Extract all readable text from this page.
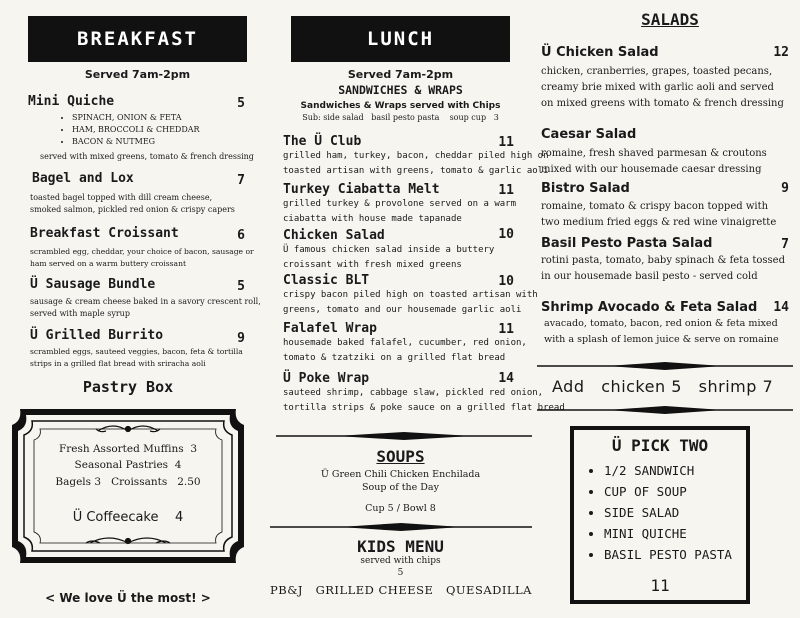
BREAKFAST
Served 7am-2pm
Mini Quiche	5
• SPINACH, ONION & FETA
• HAM, BROCCOLI & CHEDDAR
• BACON & NUTMEG
served with mixed greens, tomato & french dressing
Bagel and Lox	7
toasted bagel topped with dill cream cheese,
smoked salmon, pickled red onion & crispy capers
Breakfast Croissant	6
scrambled egg, cheddar, your choice of bacon, sausage or
ham served on a warm buttery croissant
Ü Sausage Bundle	5
sausage & cream cheese baked in a savory crescent roll,
served with maple syrup
Ü Grilled Burrito	9
scrambled eggs, sauteed veggies, bacon, feta & tortilla
strips in a grilled flat bread with sriracha aoli
Pastry Box
Fresh Assorted Muffins 3
Seasonal Pastries 4
Bagels 3 Croissants 2.50
Ü Coffeecake 4
< We love Ü the most! >
LUNCH
Served 7am-2pm
SANDWICHES & WRAPS
Sandwiches & Wraps served with Chips
Sub: side salad   basil pesto pasta    soup cup   3
The Ü Club	11
grilled ham, turkey, bacon, cheddar piled high on
toasted artisan with greens, tomato & garlic aoli
Turkey Ciabatta Melt	11
grilled turkey & provolone served on a warm
ciabatta with house made tapanade
Chicken Salad	10
Ü famous chicken salad inside a buttery
croissant with fresh mixed greens
Classic BLT	10
crispy bacon piled high on toasted artisan with
greens, tomato and our housemade garlic aoli
Falafel Wrap	11
housemade baked falafel, cucumber, red onion,
tomato & tzatziki on a grilled flat bread
Ü Poke Wrap	14
sauteed shrimp, cabbage slaw, pickled red onion,
tortilla strips & poke sauce on a grilled flat bread
SOUPS
Ü Green Chili Chicken Enchilada
Soup of the Day
Cup 5 / Bowl 8
KIDS MENU
served with chips
5
PB&J GRILLED CHEESE QUESADILLA
SALADS
Ü Chicken Salad	12
chicken, cranberries, grapes, toasted pecans,
creamy brie mixed with garlic aoli and served
on mixed greens with tomato & french dressing
Caesar Salad
romaine, fresh shaved parmesan & croutons
mixed with our housemade caesar dressing
Bistro Salad	9
romaine, tomato & crispy bacon topped with
two medium fried eggs & red wine vinaigrette
Basil Pesto Pasta Salad	7
rotini pasta, tomato, baby spinach & feta tossed
in our housemade basil pesto - served cold
Shrimp Avocado & Feta Salad	14
avacado, tomato, bacon, red onion & feta mixed
with a splash of lemon juice & serve on romaine
Add chicken 5 shrimp 7
Ü PICK TWO
• 1/2 SANDWICH
• CUP OF SOUP
• SIDE SALAD
• MINI QUICHE
• BASIL PESTO PASTA
11
